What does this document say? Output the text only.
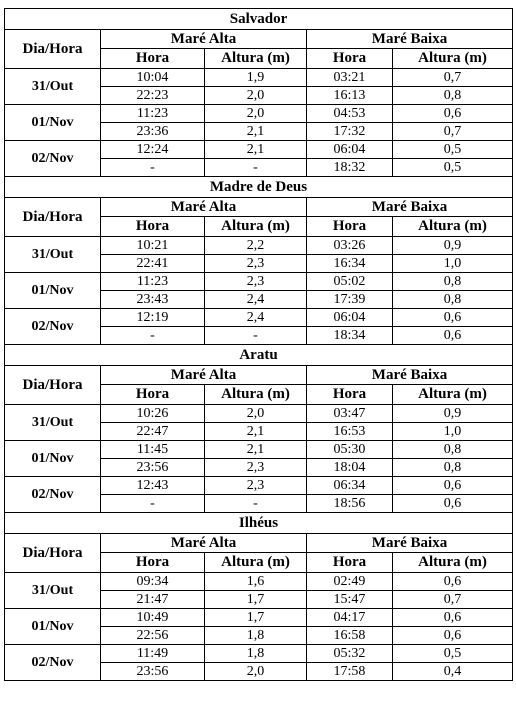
Salvador				
Dia/Hora	Maré Alta		Maré Baixa	
	Hora	Altura (m)	Hora	Altura (m)
31/Out	10:04	1,9	03:21	0,7
	22:23	2,0	16:13	0,8
01/Nov	11:23	2,0	04:53	0,6
	23:36	2,1	17:32	0,7
02/Nov	12:24	2,1	06:04	0,5
	-	-	18:32	0,5
Madre de Deus				
Dia/Hora	Maré Alta		Maré Baixa	
	Hora	Altura (m)	Hora	Altura (m)
31/Out	10:21	2,2	03:26	0,9
	22:41	2,3	16:34	1,0
01/Nov	11:23	2,3	05:02	0,8
	23:43	2,4	17:39	0,8
02/Nov	12:19	2,4	06:04	0,6
	-	-	18:34	0,6
Aratu				
Dia/Hora	Maré Alta		Maré Baixa	
	Hora	Altura (m)	Hora	Altura (m)
31/Out	10:26	2,0	03:47	0,9
	22:47	2,1	16:53	1,0
01/Nov	11:45	2,1	05:30	0,8
	23:56	2,3	18:04	0,8
02/Nov	12:43	2,3	06:34	0,6
	-	-	18:56	0,6
Ilhéus				
Dia/Hora	Maré Alta		Maré Baixa	
	Hora	Altura (m)	Hora	Altura (m)
31/Out	09:34	1,6	02:49	0,6
	21:47	1,7	15:47	0,7
01/Nov	10:49	1,7	04:17	0,6
	22:56	1,8	16:58	0,6
02/Nov	11:49	1,8	05:32	0,5
	23:56	2,0	17:58	0,4
